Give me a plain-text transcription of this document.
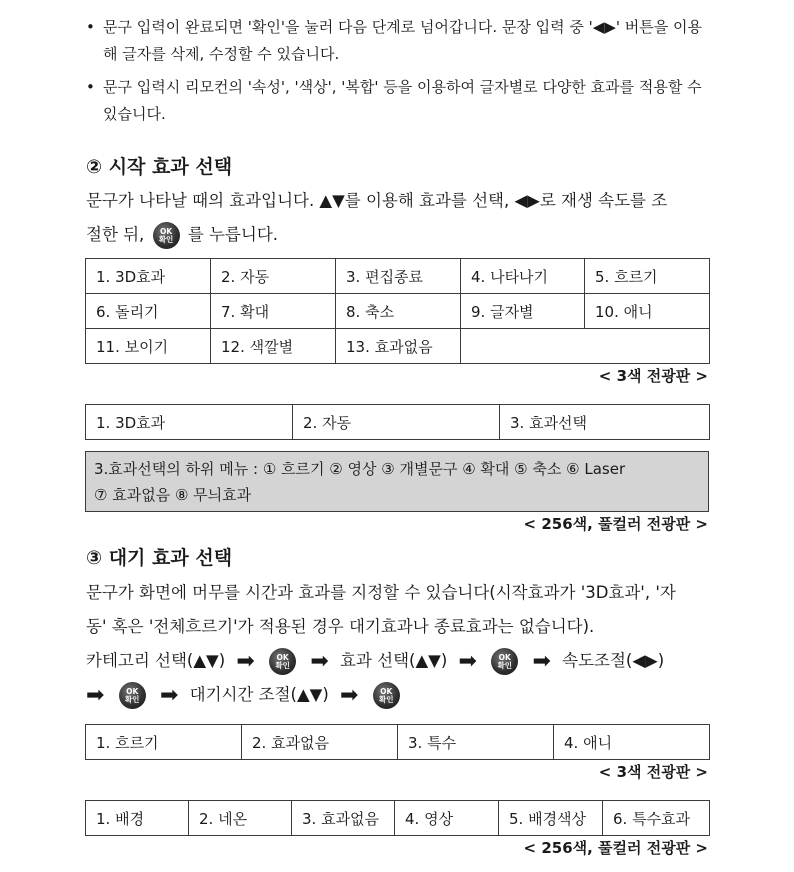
• 문구 입력이 완료되면 '확인'을 눌러 다음 단계로 넘어갑니다. 문장 입력 중 '◀▶' 버튼을 이용해 글자를 삭제, 수정할 수 있습니다.
• 문구 입력시 리모컨의 '속성', '색상', '복합' 등을 이용하여 글자별로 다양한 효과를 적용할 수 있습니다.
② 시작 효과 선택
문구가 나타날 때의 효과입니다. ▲▼를 이용해 효과를 선택, ◀▶로 재생 속도를 조
절한 뒤,	OK
확인 를 누릅니다.
1. 3D효과	2. 자동	3. 편집종료	4. 나타나기	5. 흐르기
6. 돌리기	7. 확대	8. 축소	9. 글자별	10. 애니
11. 보이기	12. 색깔별	13. 효과없음		
< 3색 전광판 >
1. 3D효과	2. 자동	3. 효과선택
3.효과선택의 하위 메뉴 : ① 흐르기 ② 영상 ③ 개별문구 ④ 확대 ⑤ 축소 ⑥ Laser
⑦ 효과없음 ⑧ 무늬효과
< 256색, 풀컬러 전광판 >
③ 대기 효과 선택
문구가 화면에 머무를 시간과 효과를 지정할 수 있습니다(시작효과가 '3D효과', '자
동' 혹은 '전체흐르기'가 적용된 경우 대기효과나 종료효과는 없습니다).
카테고리 선택(▲▼) ➡	OK
확인 ➡ 효과 선택(▲▼) ➡	OK
확인 ➡ 속도조절(◀▶)
➡	OK
확인 ➡ 대기시간 조절(▲▼) ➡	OK
확인
1. 흐르기	2. 효과없음	3. 특수	4. 애니
< 3색 전광판 >
1. 배경	2. 네온	3. 효과없음	4. 영상	5. 배경색상	6. 특수효과
< 256색, 풀컬러 전광판 >
